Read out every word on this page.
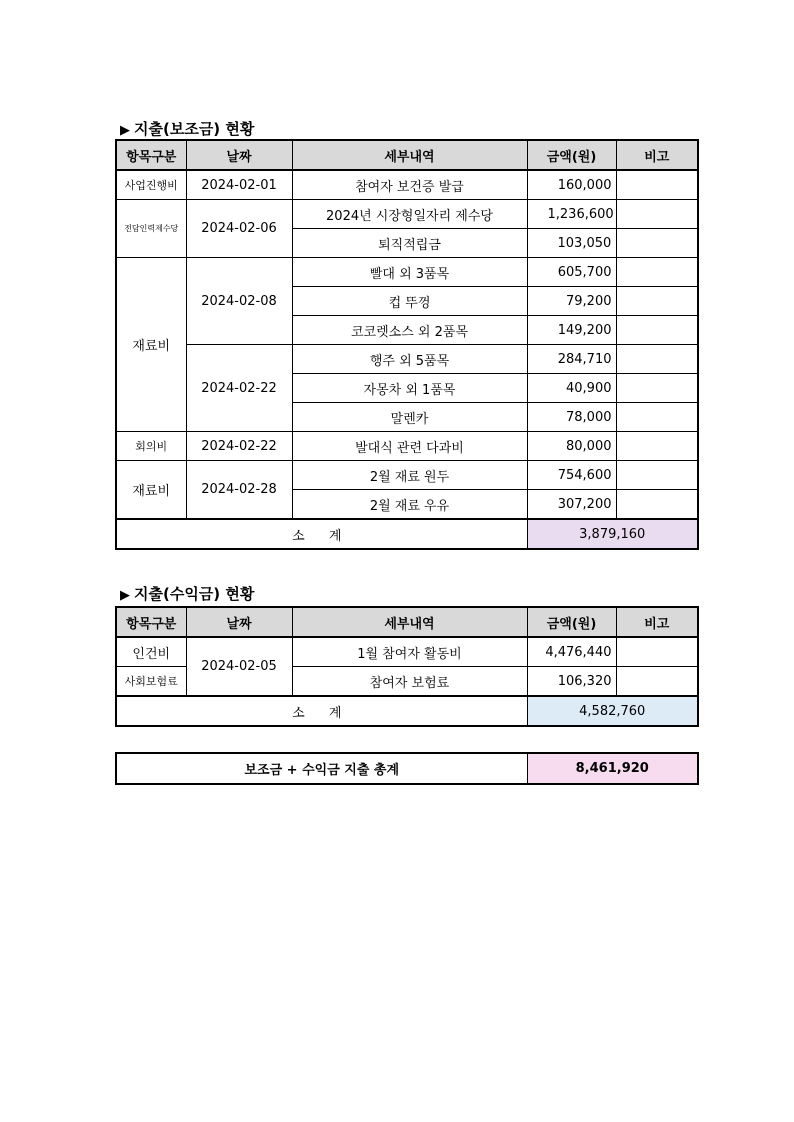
▶ 지출(보조금) 현황
항목구분	날짜	세부내역	금액(원)	비고
사업진행비	2024-02-01	참여자 보건증 발급	160,000	
전담인력제수당	2024-02-06	2024년 시장형일자리 제수당	1,236,600	
		퇴직적립금	103,050	
재료비	2024-02-08	빨대 외 3품목	605,700	
		컵 뚜껑	79,200	
		코코렛소스 외 2품목	149,200	
	2024-02-22	행주 외 5품목	284,710	
		자몽차 외 1품목	40,900	
		말렌카	78,000	
회의비	2024-02-22	발대식 관련 다과비	80,000	
재료비	2024-02-28	2월 재료 원두	754,600	
		2월 재료 우유	307,200	
소 계			3,879,160	
▶ 지출(수익금) 현황
항목구분	날짜	세부내역	금액(원)	비고
인건비	2024-02-05	1월 참여자 활동비	4,476,440	
사회보험료		참여자 보험료	106,320	
소 계			4,582,760	
보조금 + 수익금 지출 총계	8,461,920
